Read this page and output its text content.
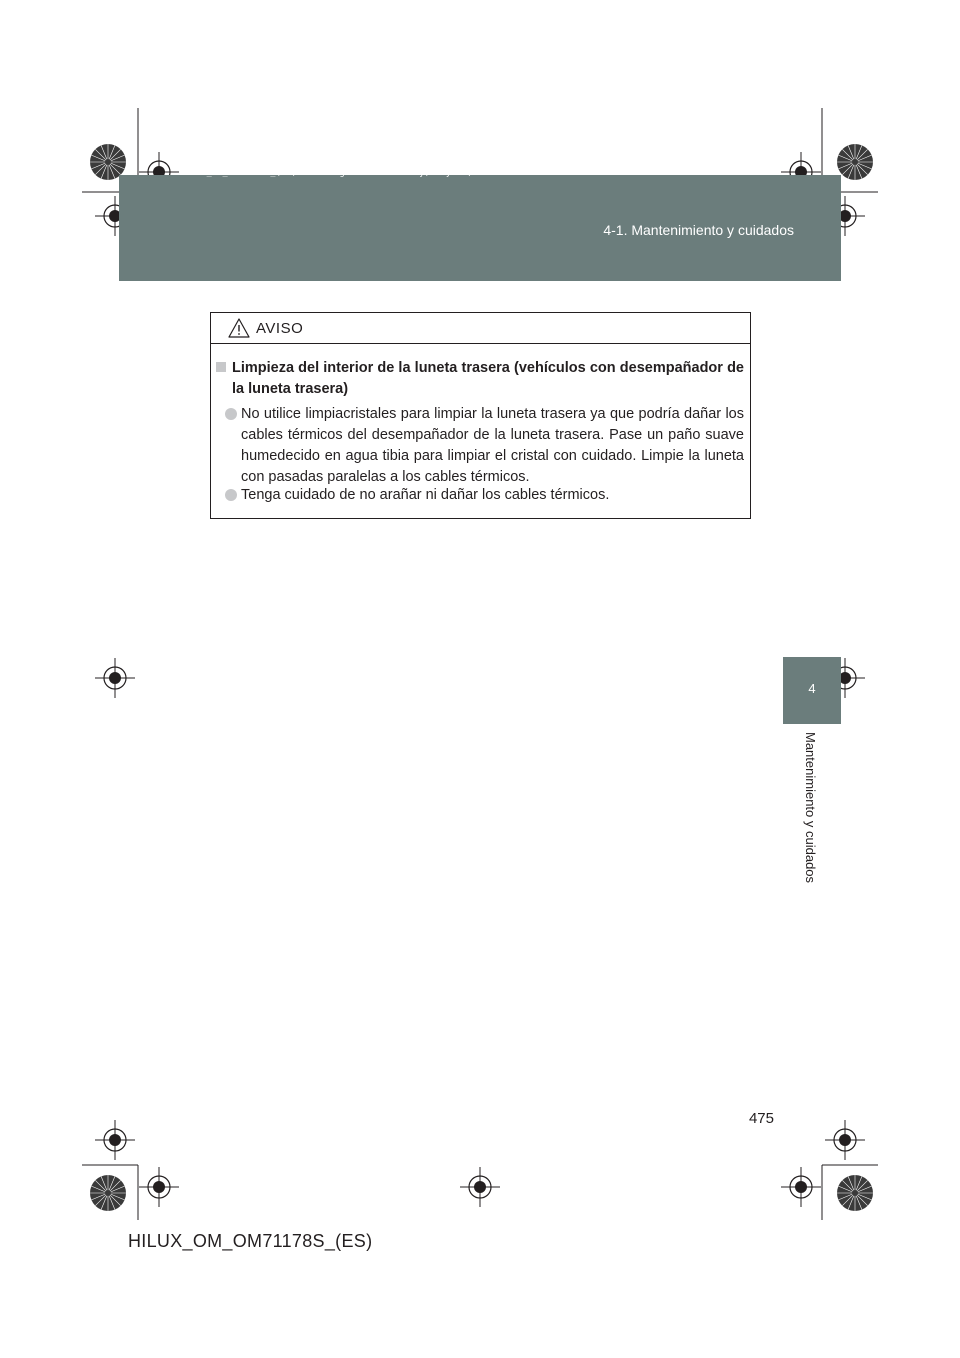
HILUX_OM_OM71178S_(ES).book Page 475 Wednesday, May 16, 2012 3:09 PM
4-1. Mantenimiento y cuidados
4
Mantenimiento y cuidados
AVISO
Limpieza del interior de la luneta trasera (vehículos con desempañador de la luneta trasera)
No utilice limpiacristales para limpiar la luneta trasera ya que podría dañar los cables térmicos del desempañador de la luneta trasera. Pase un paño suave humedecido en agua tibia para limpiar el cristal con cuidado. Limpie la luneta con pasadas paralelas a los cables térmicos.
Tenga cuidado de no arañar ni dañar los cables térmicos.
475
HILUX_OM_OM71178S_(ES)
